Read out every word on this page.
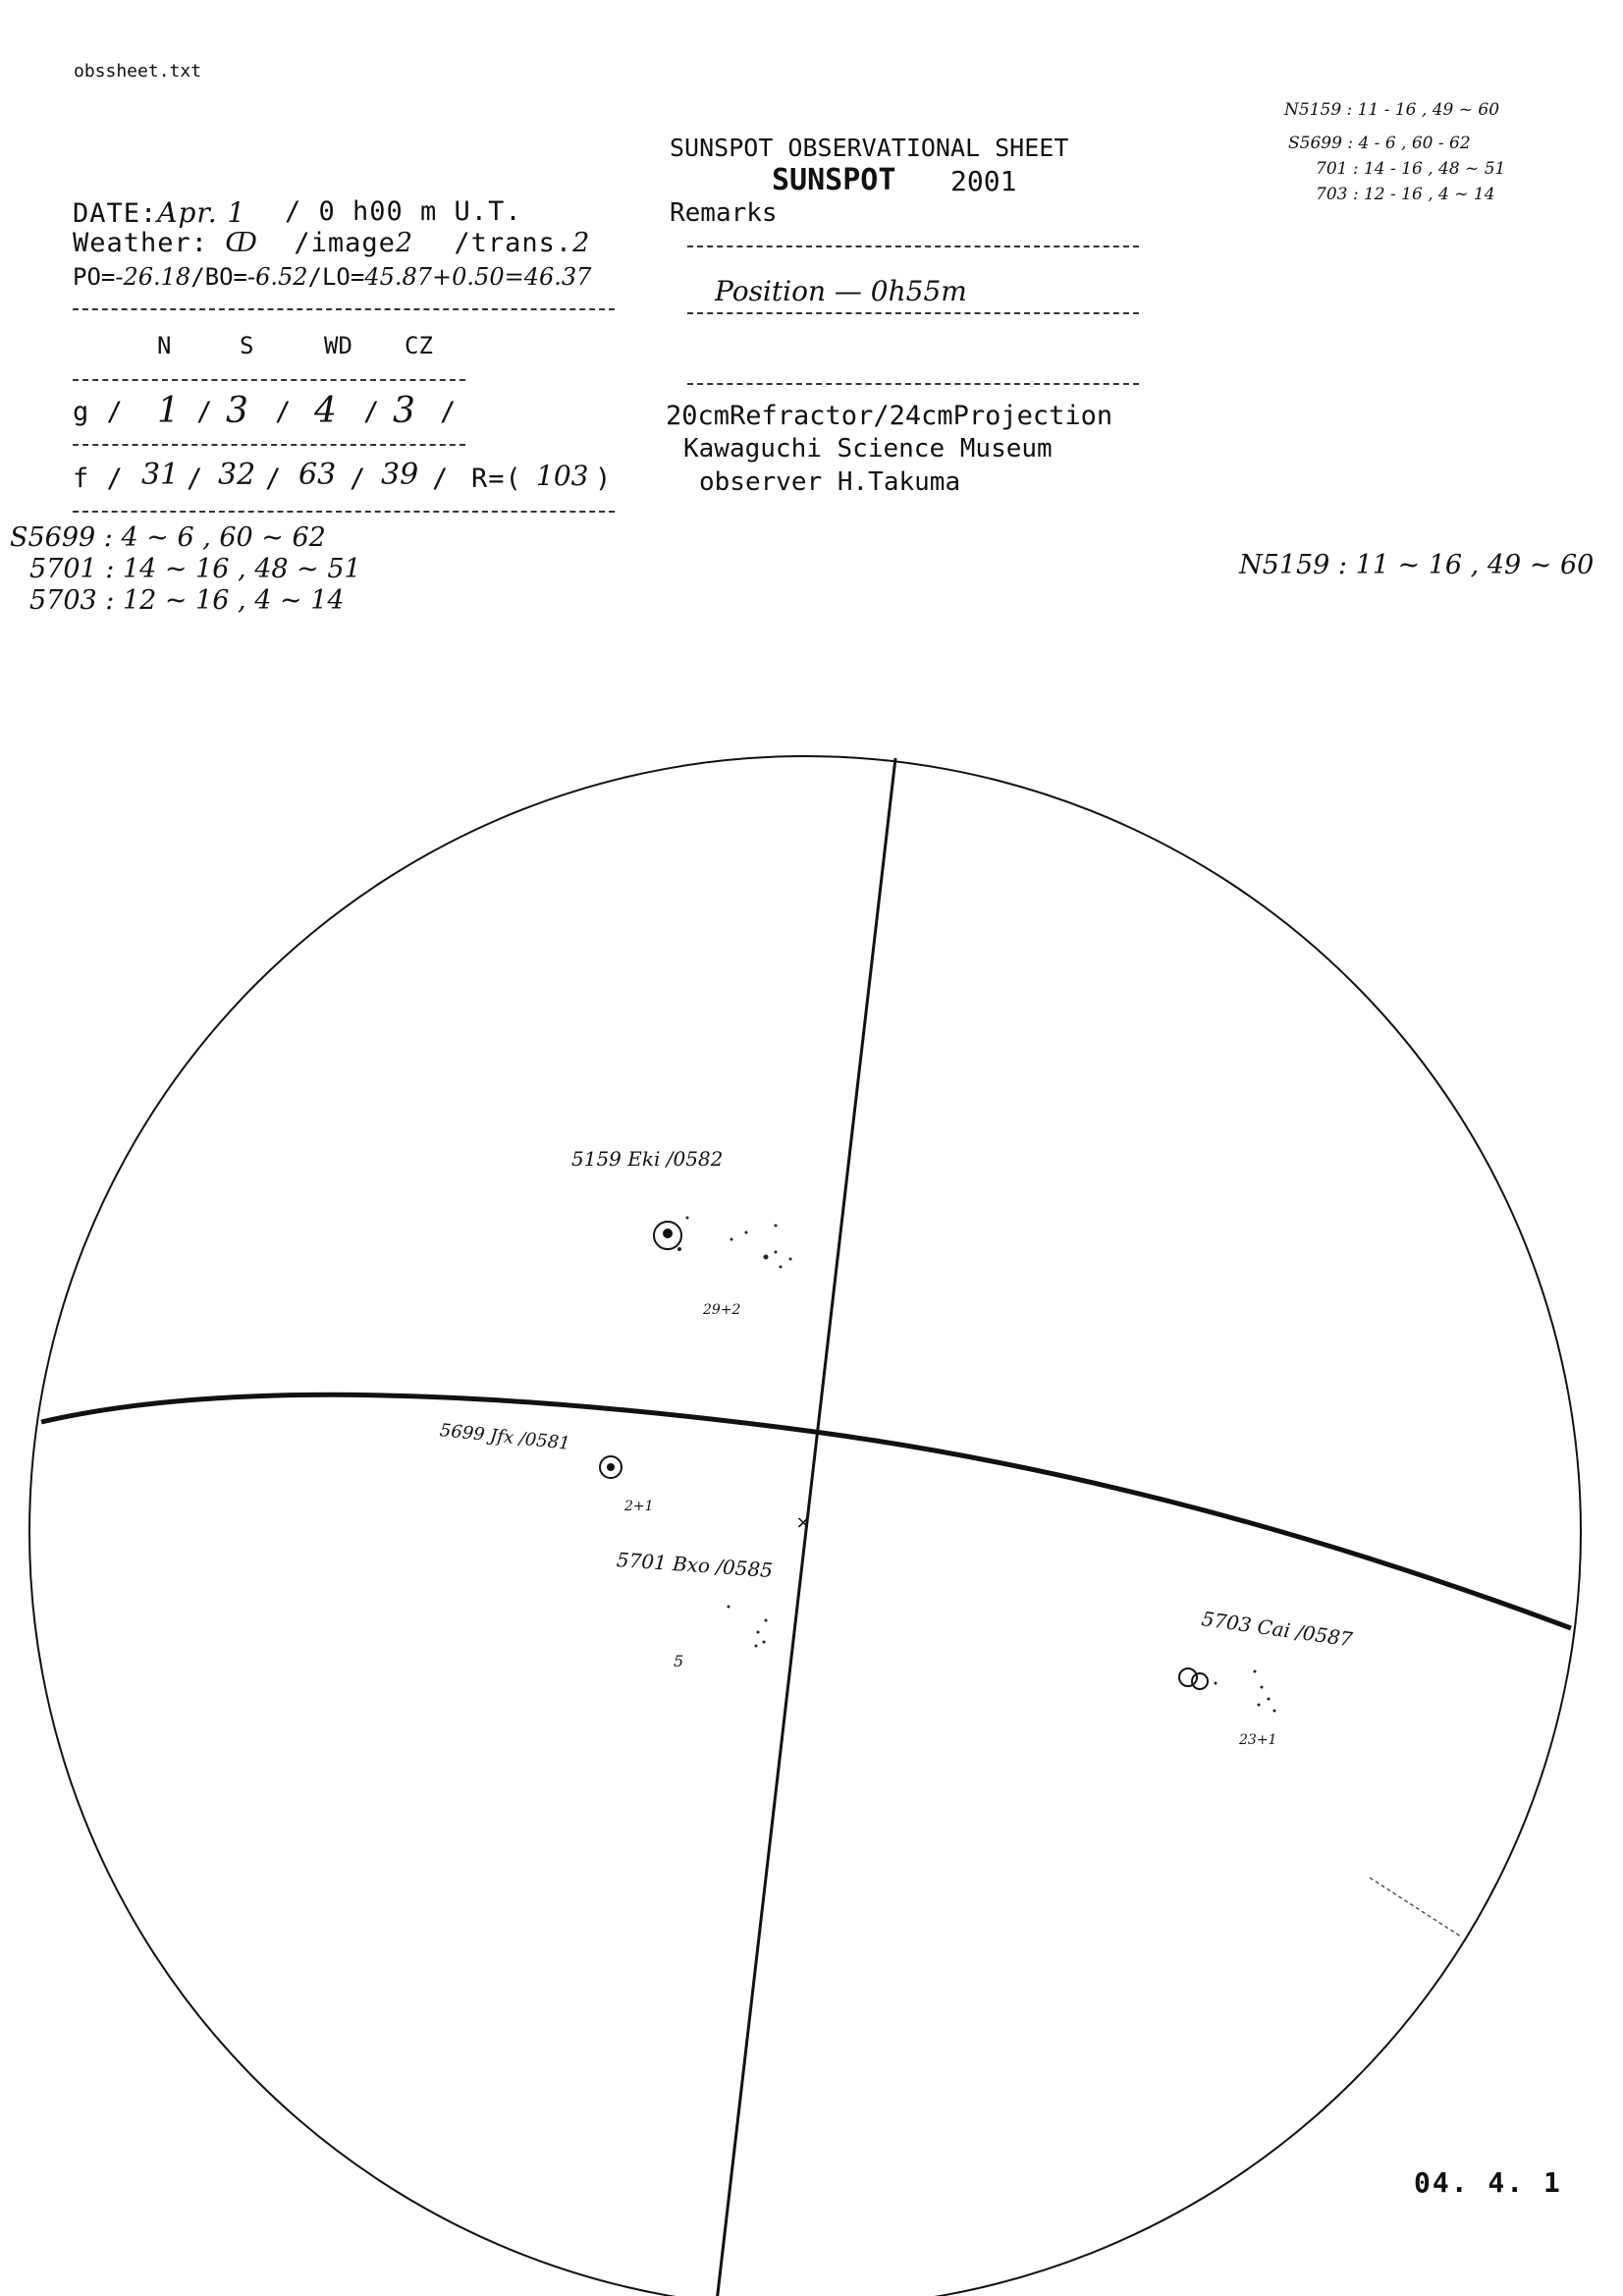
obssheet.txt
SUNSPOT OBSERVATIONAL SHEET
SUNSPOT 2001
DATE:Apr. 1 / 0 h00 m U.T.
Weather: ↀ /image2 /trans.2
PO=-26.18/BO=-6.52/LO=45.87+0.50=46.37
N	S	WD CZ
g / 1 / 3 / 4 / 3 /
f / 31 / 32 / 63 / 39 / R=( 103 )
Remarks
Position — 0h55m
20cmRefractor/24cmProjection
Kawaguchi Science Museum
observer H.Takuma
N5159 : 11 - 16 , 49 ~ 60
S5699 : 4 - 6 , 60 - 62
701 : 14 - 16 , 48 ~ 51
703 : 12 - 16 , 4 ~ 14
S5699 : 4 ~ 6 , 60 ~ 62
5701 : 14 ~ 16 , 48 ~ 51
5703 : 12 ~ 16 , 4 ~ 14
N5159 : 11 ~ 16 , 49 ~ 60
×
5159 Eki /0582
29+2
5699 Jfx /0581
2+1
5701 Bxo /0585
5
5703 Cai /0587
23+1
04. 4. 1
